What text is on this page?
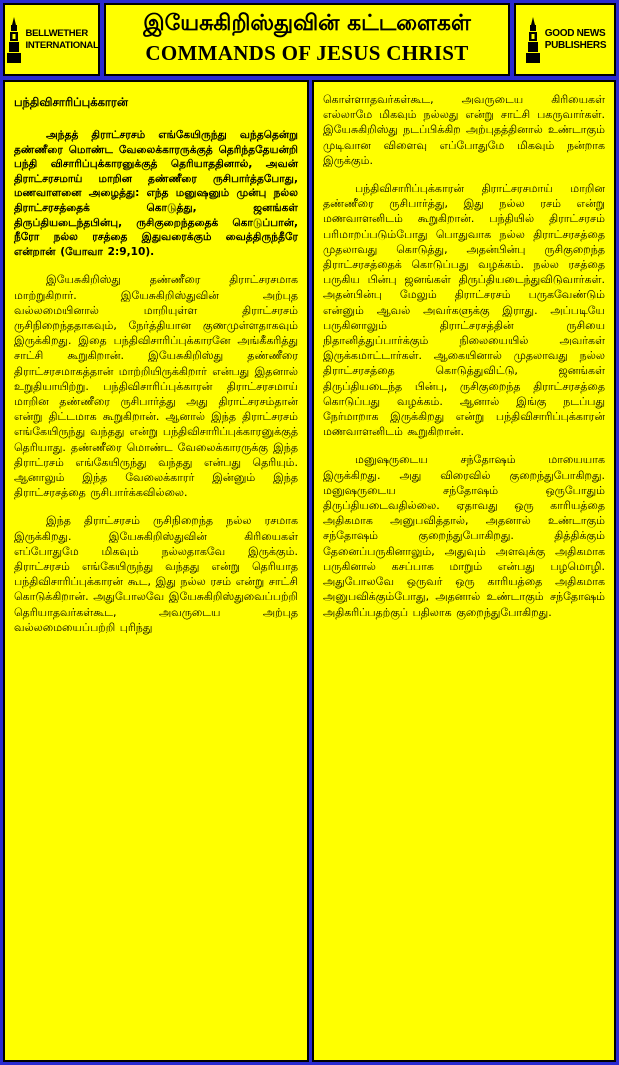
BELLWETHER
INTERNATIONAL
இயேசுகிறிஸ்துவின் கட்டளைகள்
COMMANDS OF JESUS CHRIST
GOOD NEWS
PUBLISHERS
பந்திவிசாரிப்புக்காரன்

அந்தத் திராட்சரசம் எங்கேயிருந்து வந்ததென்று தண்ணீரை மொண்ட வேலைக்காரருக்குத் தெரிந்ததேயன்றி பந்தி விசாரிப்புக்காரனுக்குத் தெரியாததினால், அவன் திராட்சரசமாய் மாறின தண்ணீரை ருசிபார்த்தபோது, மணவாளனை அழைத்து: எந்த மனுஷனும் முன்பு நல்ல திராட்சரசத்தைக் கொடுத்து, ஜனங்கள் திருப்தியடைந்தபின்பு, ருசிகுறைந்ததைக் கொடுப்பான், நீரோ நல்ல ரசத்தை இதுவரைக்கும் வைத்திருந்தீரே என்றான் (யோவா 2:9,10).

இயேசுகிறிஸ்து தண்ணீரை திராட்சரசமாக மாற்றுகிறார். இயேசுகிறிஸ்துவின் அற்புத வல்லமையினால் மாறியுள்ள திராட்சரசம் ருசிநிறைந்ததாகவும், நேர்த்தியான குணமுள்ளதாகவும் இருக்கிறது. இதை பந்திவிசாரிப்புக்காரனே அங்கீகரித்து சாட்சி கூறுகிறான். இயேசுகிறிஸ்து தண்ணீரை திராட்சரசமாகத்தான் மாற்றியிருக்கிறார் என்பது இதனால் உறுதியாயிற்று. பந்திவிசாரிப்புக்காரன் திராட்சரசமாய் மாறின தண்ணீரை ருசிபார்த்து அது திராட்சரசம்தான் என்று திட்டமாக கூறுகிறான். ஆனால் இந்த திராட்சரசம் எங்கேயிருந்து வந்தது என்று பந்திவிசாரிப்புக்காரனுக்குத் தெரியாது. தண்ணீரை மொண்ட வேலைக்காரருக்கு இந்த திராட்ரசம் எங்கேயிருந்து வந்தது என்பது தெரியும். ஆனாலும் இந்த வேலைக்காரர் இன்னும் இந்த திராட்சரசத்தை ருசிபார்க்கவில்லை.

இந்த திராட்சரசம் ருசிநிறைந்த நல்ல ரசமாக இருக்கிறது. இயேசுகிறிஸ்துவின் கிரியைகள் எப்போதுமே மிகவும் நல்லதாகவே இருக்கும். திராட்சரசம் எங்கேயிருந்து வந்தது என்று தெரியாத பந்திவிசாரிப்புக்காரன் கூட, இது நல்ல ரசம் என்று சாட்சி கொடுக்கிறான். அதுபோலவே இயேசுகிறிஸ்துவைப்பற்றி தெரியாதவர்கள்கூட, அவருடைய அற்புத வல்லமையைப்பற்றி புரிந்து

கொள்ளாதவர்கள்கூட, அவருடைய கிரியைகள் எல்லாமே மிகவும் நல்லது என்று சாட்சி பகருவார்கள். இயேசுகிறிஸ்து நடப்பிக்கிற அற்புதத்தினால் உண்டாகும் முடிவான விளைவு எப்போதுமே மிகவும் நன்றாக இருக்கும்.

பந்திவிசாரிப்புக்காரன் திராட்சரசமாய் மாறின தண்ணீரை ருசிபார்த்து, இது நல்ல ரசம் என்று மணவாளனிடம் கூறுகிறான். பந்தியில் திராட்சரசம் பரிமாறப்படும்போது பொதுவாக நல்ல திராட்சரசத்தை முதலாவது கொடுத்து, அதன்பின்பு ருசிகுறைந்த திராட்சரசத்தைக் கொடுப்பது வழக்கம். நல்ல ரசத்தை பருகிய பின்பு ஜனங்கள் திருப்தியடைந்துவிடுவார்கள். அதன்பின்பு மேலும் திராட்சரசம் பருகவேண்டும் என்னும் ஆவல் அவர்களுக்கு இராது. அப்படியே பருகினாலும் திராட்சரசத்தின் ருசியை நிதானித்துப்பார்க்கும் நிலையையில் அவர்கள் இருக்கமாட்டார்கள். ஆகையினால் முதலாவது நல்ல திராட்சரசத்தை கொடுத்துவிட்டு, ஜனங்கள் திருப்தியடைந்த பின்பு, ருசிகுறைந்த திராட்சரசத்தை கொடுப்பது வழக்கம். ஆனால் இங்கு நடப்பது நேர்மாறாக இருக்கிறது என்று பந்திவிசாரிப்புக்காரன் மணவாளனிடம் கூறுகிறான்.

மனுஷருடைய சந்தோஷம் மாயையாக இருக்கிறது. அது விரைவில் குறைந்துபோகிறது. மனுஷருடைய சந்தோஷம் ஒருபோதும் திருப்தியடைவதில்லை. ஏதாவது ஒரு காரியத்தை அதிகமாக அனுபவித்தால், அதனால் உண்டாகும் சந்தோஷம் குறைந்துபோகிறது. தித்திக்கும் தேனைப்பருகினாலும், அதுவும் அளவுக்கு அதிகமாக பருகினால் கசப்பாக மாறும் என்பது பழமொழி. அதுபோலவே ஒருவர் ஒரு காரியத்தை அதிகமாக அனுபவிக்கும்போது, அதனால் உண்டாகும் சந்தோஷம் அதிகரிப்பதற்குப் பதிலாக குறைந்துபோகிறது.
